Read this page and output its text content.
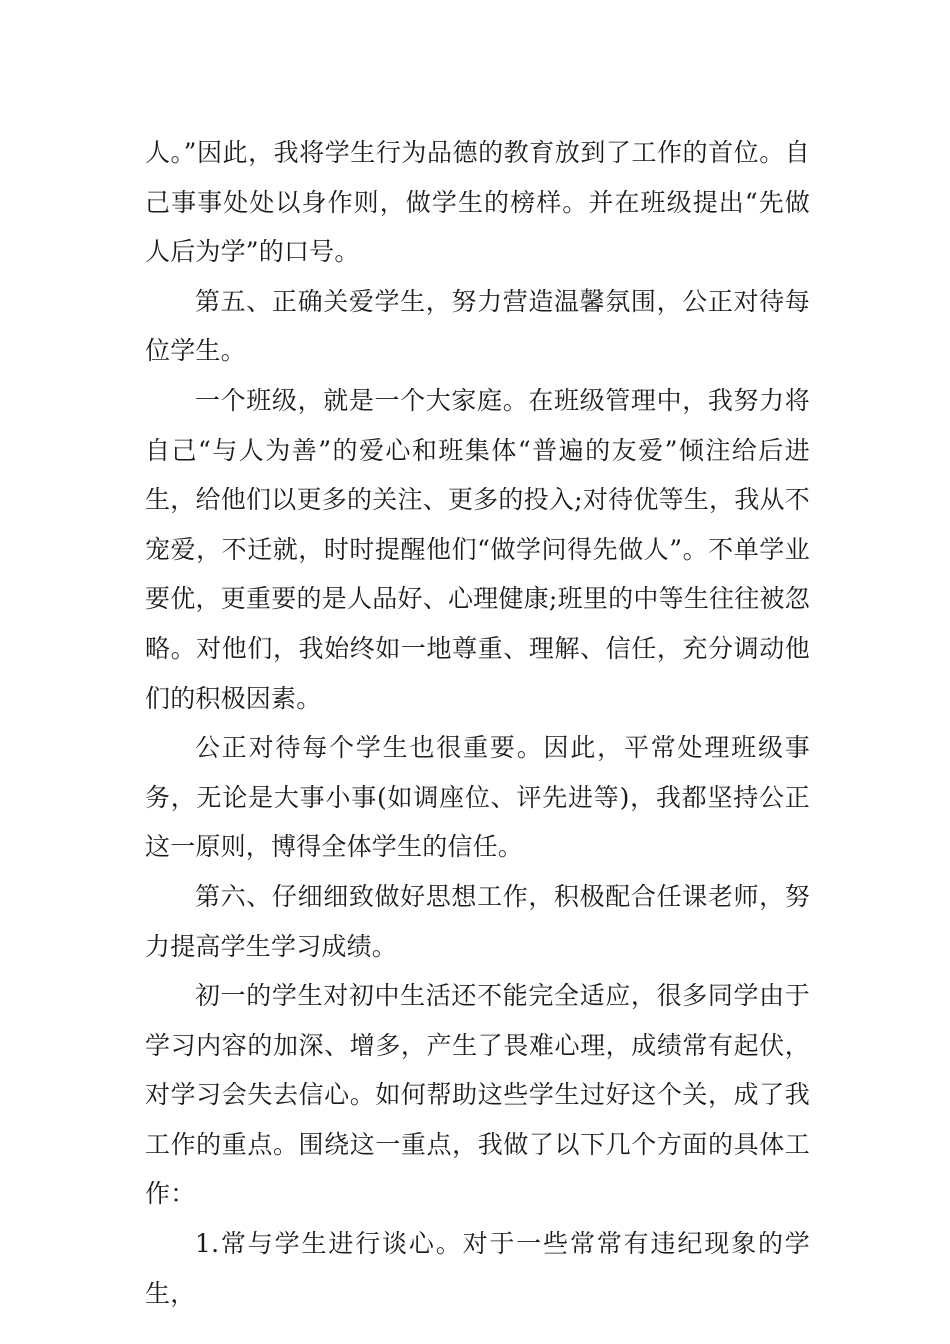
人。”因此，我将学生行为品德的教育放到了工作的首位。自己事事处处以身作则，做学生的榜样。并在班级提出“先做人后为学”的口号。

第五、正确关爱学生，努力营造温馨氛围，公正对待每位学生。

一个班级，就是一个大家庭。在班级管理中，我努力将自己“与人为善”的爱心和班集体“普遍的友爱”倾注给后进生，给他们以更多的关注、更多的投入;对待优等生，我从不宠爱，不迁就，时时提醒他们“做学问得先做人”。不单学业要优，更重要的是人品好、心理健康;班里的中等生往往被忽略。对他们，我始终如一地尊重、理解、信任，充分调动他们的积极因素。

公正对待每个学生也很重要。因此，平常处理班级事务，无论是大事小事(如调座位、评先进等)，我都坚持公正这一原则，博得全体学生的信任。

第六、仔细细致做好思想工作，积极配合任课老师，努力提高学生学习成绩。

初一的学生对初中生活还不能完全适应，很多同学由于学习内容的加深、增多，产生了畏难心理，成绩常有起伏，对学习会失去信心。如何帮助这些学生过好这个关，成了我工作的重点。围绕这一重点，我做了以下几个方面的具体工作：

1.常与学生进行谈心。对于一些常常有违纪现象的学生，
